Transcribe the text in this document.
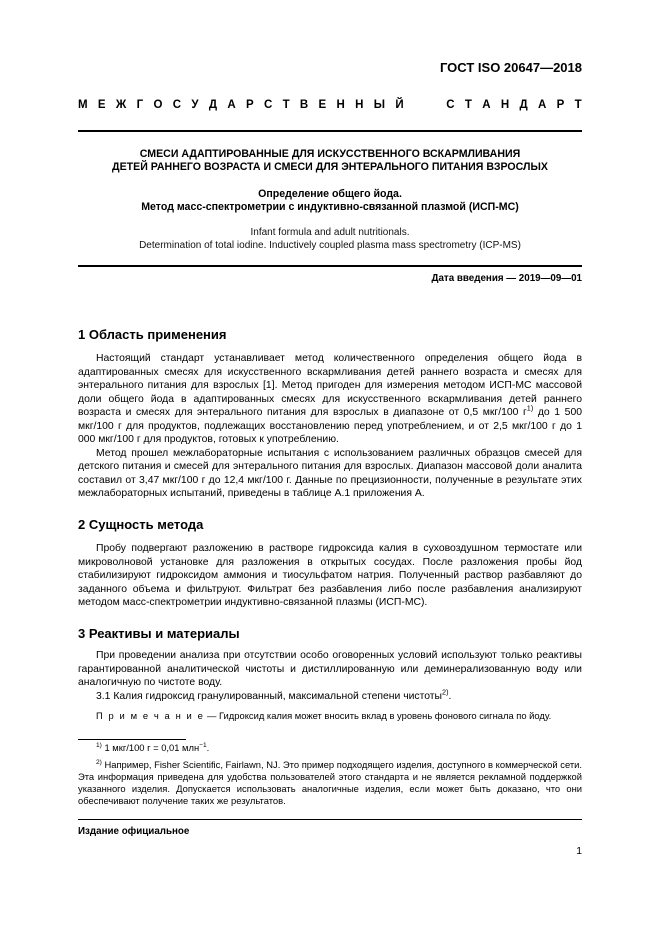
ГОСТ ISO 20647—2018
М Е Ж Г О С У Д А Р С Т В Е Н Н Ы Й	С Т А Н Д А Р Т
СМЕСИ АДАПТИРОВАННЫЕ ДЛЯ ИСКУССТВЕННОГО ВСКАРМЛИВАНИЯ
ДЕТЕЙ РАННЕГО ВОЗРАСТА И СМЕСИ ДЛЯ ЭНТЕРАЛЬНОГО ПИТАНИЯ ВЗРОСЛЫХ
Определение общего йода.
Метод масс-спектрометрии с индуктивно-связанной плазмой (ИСП-МС)
Infant formula and adult nutritionals.
Determination of total iodine. Inductively coupled plasma mass spectrometry (ICP-MS)
Дата введения — 2019—09—01
1 Область применения

Настоящий стандарт устанавливает метод количественного определения общего йода в адаптированных смесях для искусственного вскармливания детей раннего возраста и смесях для энтерального питания для взрослых [1]. Метод пригоден для измерения методом ИСП-МС массовой доли общего йода в адаптированных смесях для искусственного вскармливания детей раннего возраста и смесях для энтерального питания для взрослых в диапазоне от 0,5 мкг/100 $г^{1)}$ до 1 500 мкг/100 г для продуктов, подлежащих восстановлению перед употреблением, и от 2,5 мкг/100 г до 1 000 мкг/100 г для продуктов, готовых к употреблению.

Метод прошел межлабораторные испытания с использованием различных образцов смесей для детского питания и смесей для энтерального питания для взрослых. Диапазон массовой доли аналита составил от 3,47 мкг/100 г до 12,4 мкг/100 г. Данные по прецизионности, полученные в результате этих межлабораторных испытаний, приведены в таблице А.1 приложения А.

2 Сущность метода

Пробу подвергают разложению в растворе гидроксида калия в суховоздушном термостате или микроволновой установке для разложения в открытых сосудах. После разложения пробы йод стабилизируют гидроксидом аммония и тиосульфатом натрия. Полученный раствор разбавляют до заданного объема и фильтруют. Фильтрат без разбавления либо после разбавления анализируют методом масс-спектрометрии индуктивно-связанной плазмы (ИСП-МС).

3 Реактивы и материалы

При проведении анализа при отсутствии особо оговоренных условий используют только реактивы гарантированной аналитической чистоты и дистиллированную или деминерализованную воду или аналогичную по чистоте воду.

3.1 Калия гидроксид гранулированный, максимальной степени чистоты$^{2)}$.

П р и м е ч а н и е — Гидроксид калия может вносить вклад в уровень фонового сигнала по йоду.

$^{1)}$ 1 мкг/100 г = 0,01 млн$^{-1}$.

$^{2)}$ Например, Fisher Scientific, Fairlawn, NJ. Это пример подходящего изделия, доступного в коммерческой сети. Эта информация приведена для удобства пользователей этого стандарта и не является рекламной поддержкой указанного изделия. Допускается использовать аналогичные изделия, если может быть доказано, что они обеспечивают получение таких же результатов.

Издание официальное
1
